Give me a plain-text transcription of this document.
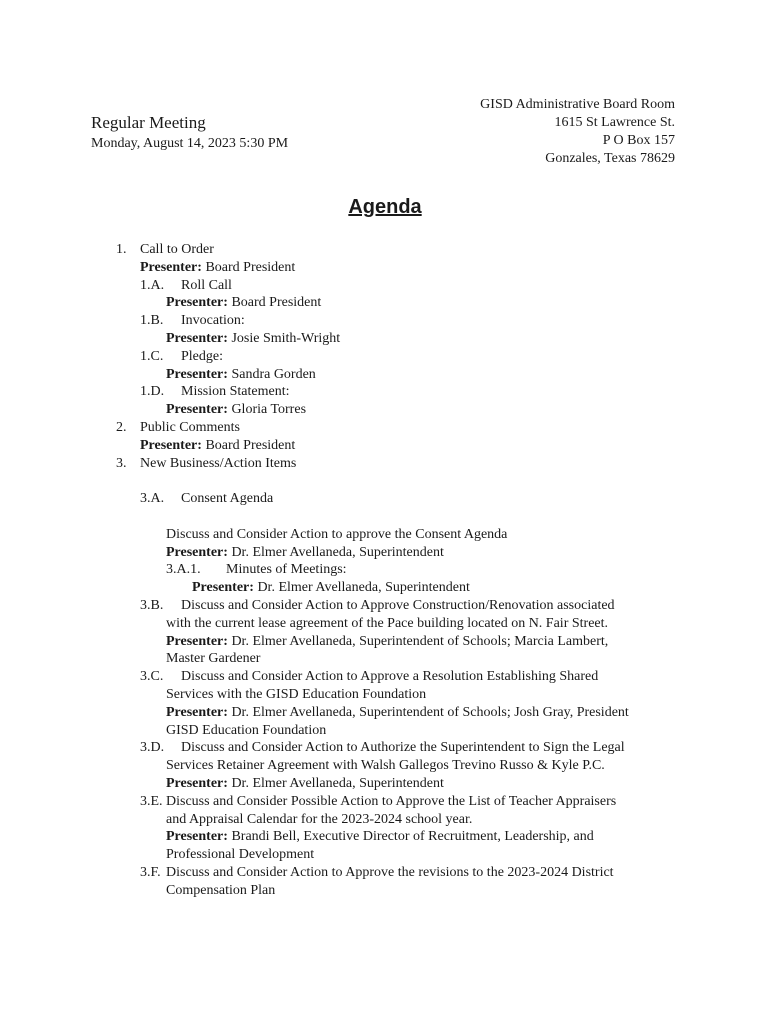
Regular Meeting
Monday, August 14, 2023 5:30 PM
GISD Administrative Board Room
1615 St Lawrence St.
P O Box 157
Gonzales, Texas 78629
Agenda
1. Call to Order
Presenter: Board President
1.A. Roll Call
Presenter: Board President
1.B. Invocation:
Presenter: Josie Smith-Wright
1.C. Pledge:
Presenter: Sandra Gorden
1.D. Mission Statement:
Presenter: Gloria Torres
2. Public Comments
Presenter: Board President
3. New Business/Action Items
3.A. Consent Agenda
Discuss and Consider Action to approve the Consent Agenda
Presenter: Dr. Elmer Avellaneda, Superintendent
3.A.1. Minutes of Meetings:
Presenter: Dr. Elmer Avellaneda, Superintendent
3.B. Discuss and Consider Action to Approve Construction/Renovation associated
with the current lease agreement of the Pace building located on N. Fair Street.
Presenter: Dr. Elmer Avellaneda, Superintendent of Schools; Marcia Lambert,
Master Gardener
3.C. Discuss and Consider Action to Approve a Resolution Establishing Shared
Services with the GISD Education Foundation
Presenter: Dr. Elmer Avellaneda, Superintendent of Schools; Josh Gray, President
GISD Education Foundation
3.D. Discuss and Consider Action to Authorize the Superintendent to Sign the Legal
Services Retainer Agreement with Walsh Gallegos Trevino Russo & Kyle P.C.
Presenter: Dr. Elmer Avellaneda, Superintendent
3.E. Discuss and Consider Possible Action to Approve the List of Teacher Appraisers
and Appraisal Calendar for the 2023-2024 school year.
Presenter: Brandi Bell, Executive Director of Recruitment, Leadership, and
Professional Development
3.F. Discuss and Consider Action to Approve the revisions to the 2023-2024 District
Compensation Plan
